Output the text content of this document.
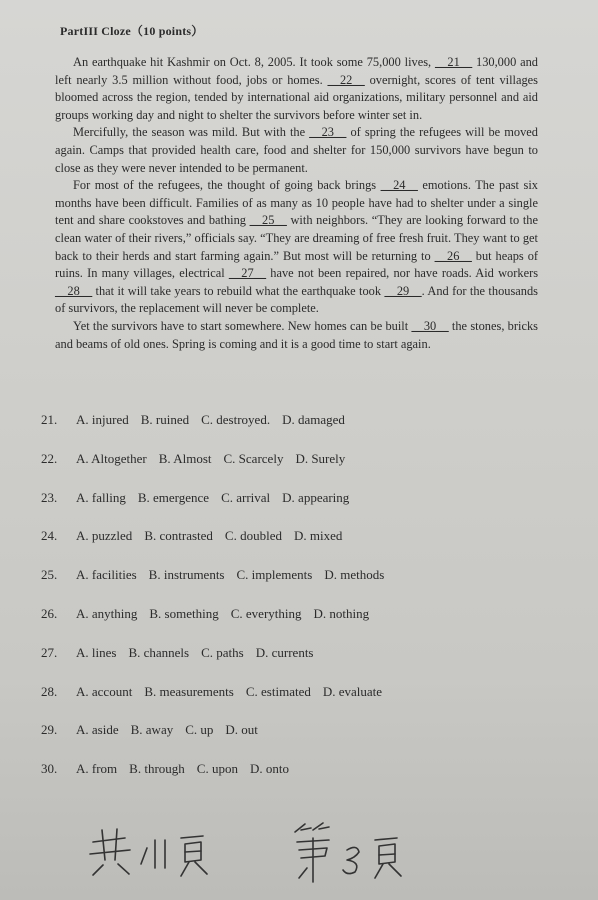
PartIII Cloze（10 points）

An earthquake hit Kashmir on Oct. 8, 2005. It took some 75,000 lives, __21__ 130,000 and left nearly 3.5 million without food, jobs or homes. __22__ overnight, scores of tent villages bloomed across the region, tended by international aid organizations, military personnel and aid groups working day and night to shelter the survivors before winter set in.

Mercifully, the season was mild. But with the __23__ of spring the refugees will be moved again. Camps that provided health care, food and shelter for 150,000 survivors have begun to close as they were never intended to be permanent.

For most of the refugees, the thought of going back brings __24__ emotions. The past six months have been difficult. Families of as many as 10 people have had to shelter under a single tent and share cookstoves and bathing __25__ with neighbors. “They are looking forward to the clean water of their rivers,” officials say. “They are dreaming of free fresh fruit. They want to get back to their herds and start farming again.” But most will be returning to __26__ but heaps of ruins. In many villages, electrical __27__ have not been repaired, nor have roads. Aid workers __28__ that it will take years to rebuild what the earthquake took __29__. And for the thousands of survivors, the replacement will never be complete.

Yet the survivors have to start somewhere. New homes can be built __30__ the stones, bricks and beams of old ones. Spring is coming and it is a good time to start again.

21.	A. injured B. ruined C. destroyed. D. damaged
22.	A. Altogether B. Almost C. Scarcely D. Surely
23.	A. falling B. emergence C. arrival D. appearing
24.	A. puzzled B. contrasted C. doubled D. mixed
25.	A. facilities B. instruments C. implements D. methods
26.	A. anything B. something C. everything D. nothing
27.	A. lines B. channels C. paths D. currents
28.	A. account B. measurements C. estimated D. evaluate
29.	A. aside B. away C. up D. out
30.	A. from B. through C. upon D. onto
